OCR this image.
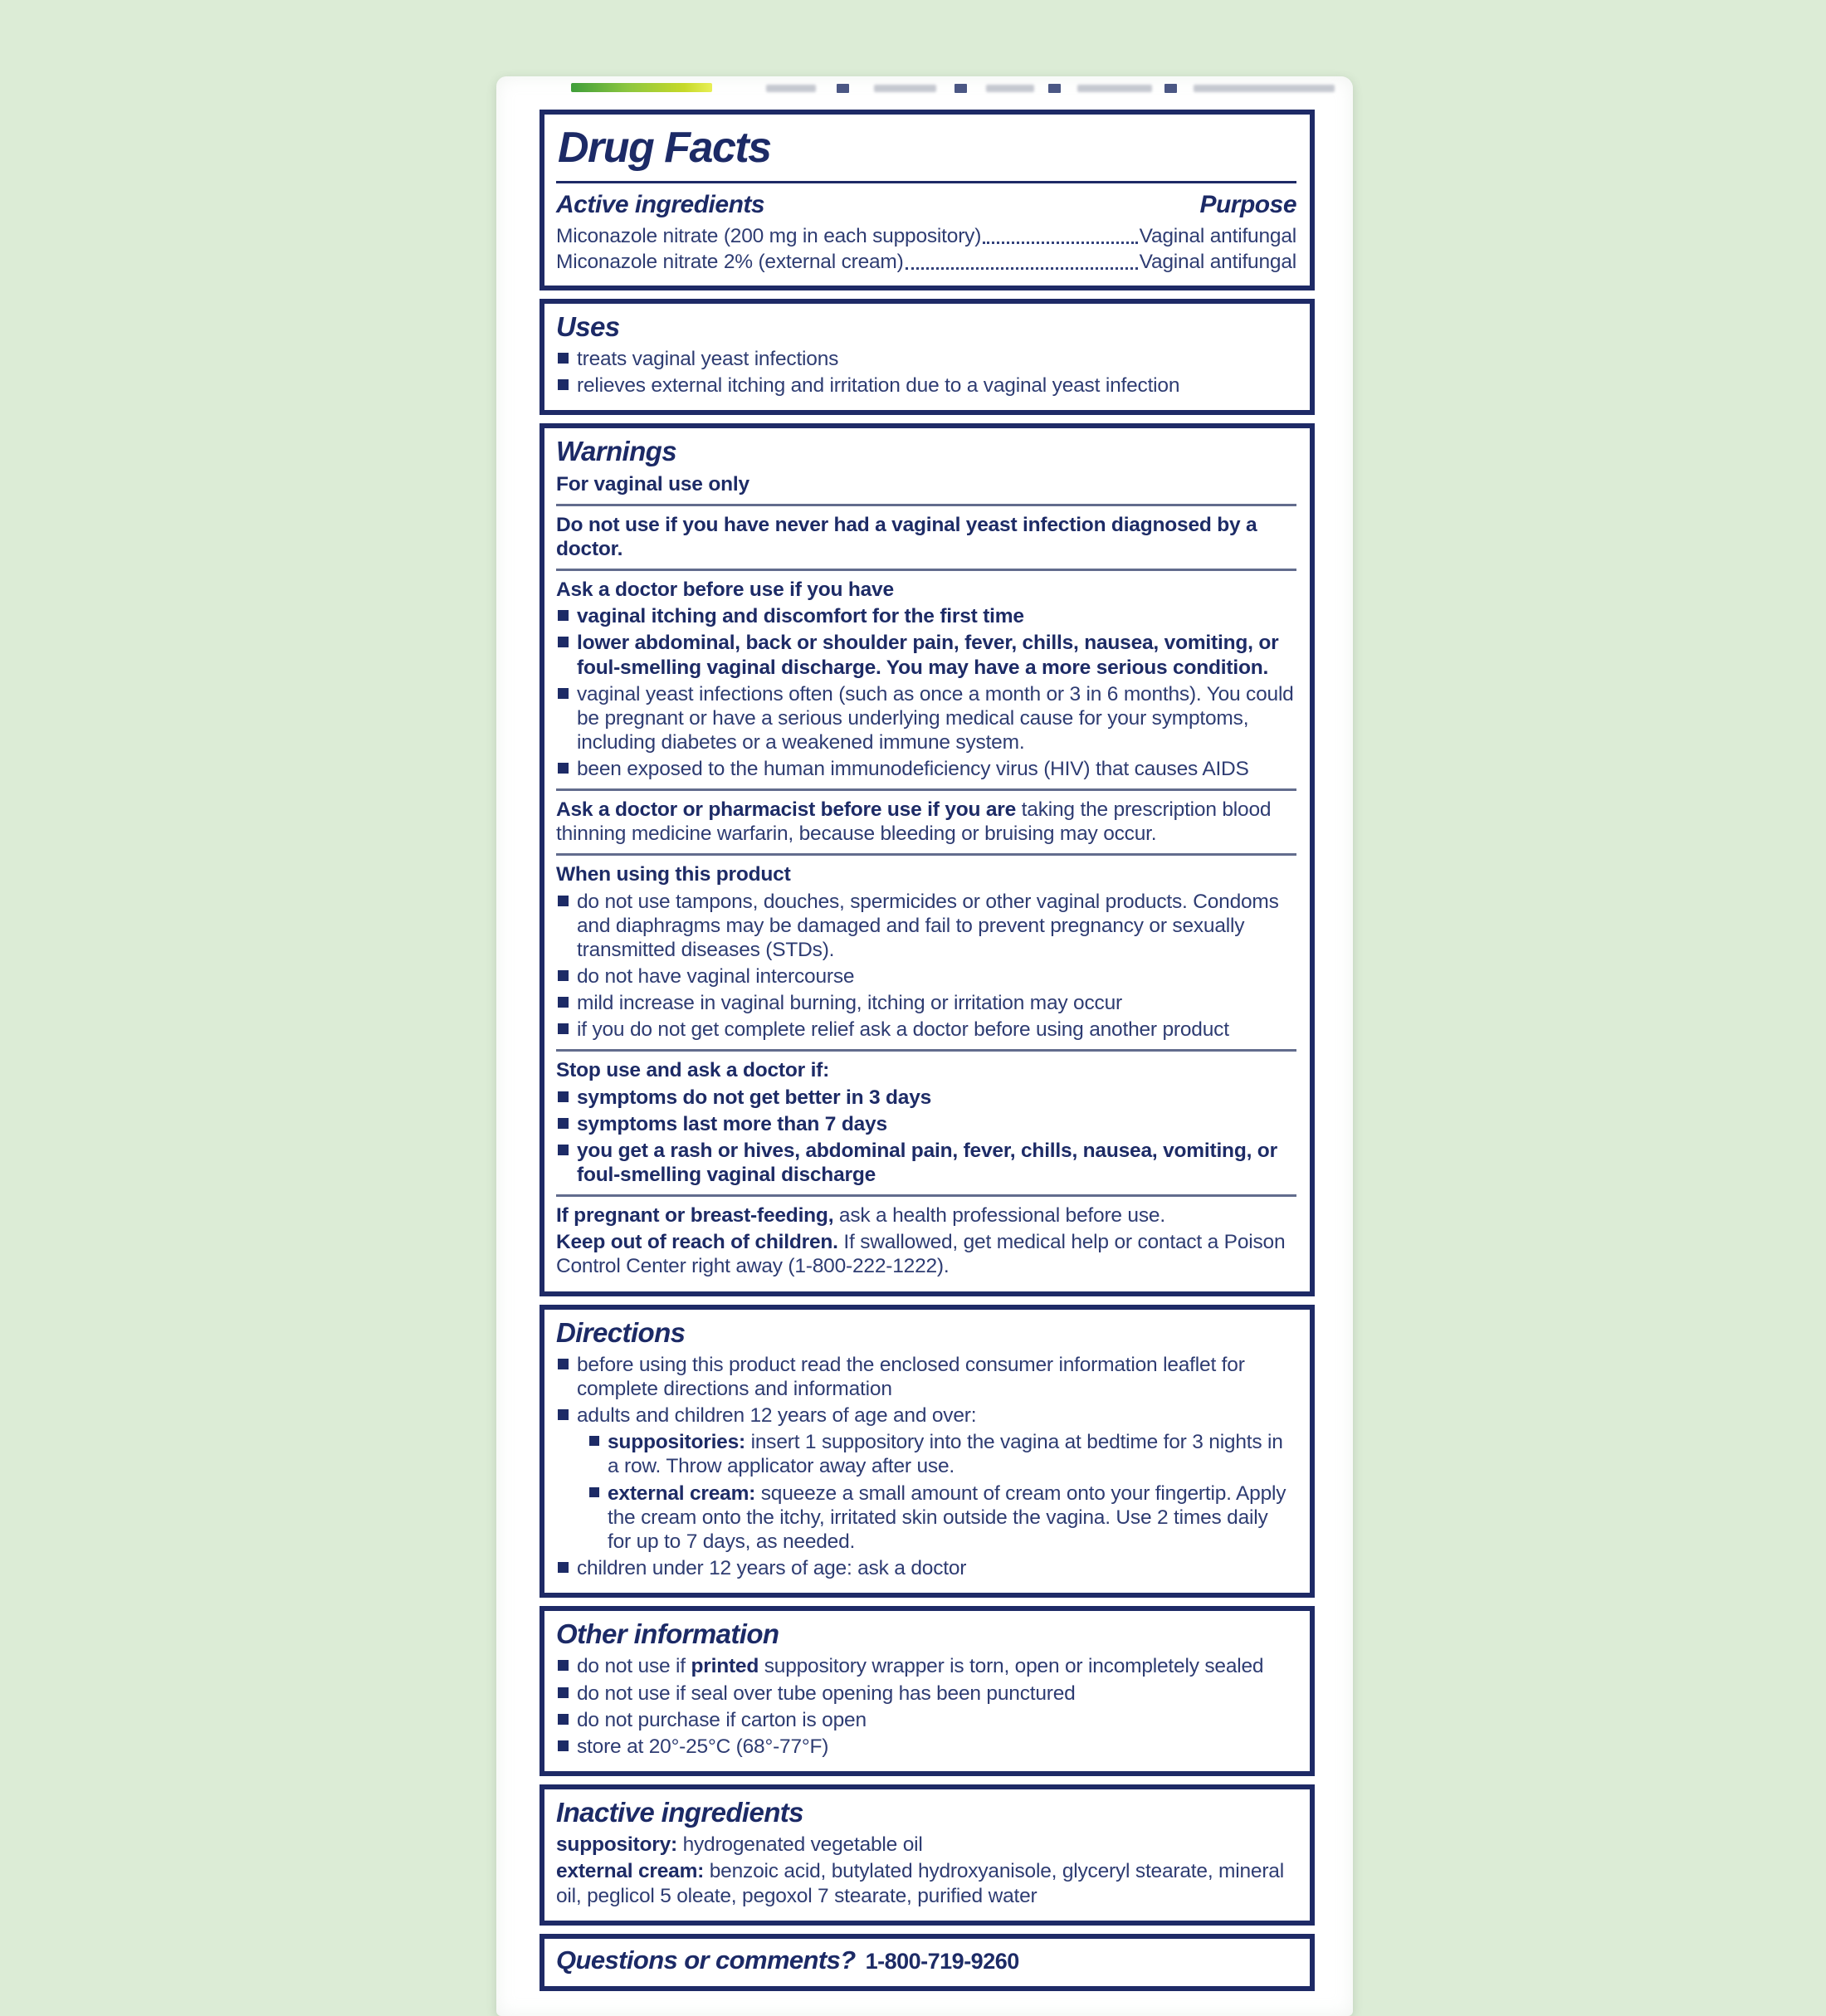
Drug Facts
Active ingredients	Purpose
Miconazole nitrate (200 mg in each suppository)	Vaginal antifungal
Miconazole nitrate 2% (external cream)	Vaginal antifungal
Uses
treats vaginal yeast infections
relieves external itching and irritation due to a vaginal yeast infection
Warnings

For vaginal use only

Do not use if you have never had a vaginal yeast infection diagnosed by a doctor.

Ask a doctor before use if you have

vaginal itching and discomfort for the first time
lower abdominal, back or shoulder pain, fever, chills, nausea, vomiting, or foul-smelling vaginal discharge. You may have a more serious condition.
vaginal yeast infections often (such as once a month or 3 in 6 months). You could be pregnant or have a serious underlying medical cause for your symptoms, including diabetes or a weakened immune system.
been exposed to the human immunodeficiency virus (HIV) that causes AIDS

Ask a doctor or pharmacist before use if you are taking the prescription blood thinning medicine warfarin, because bleeding or bruising may occur.

When using this product

do not use tampons, douches, spermicides or other vaginal products. Condoms and diaphragms may be damaged and fail to prevent pregnancy or sexually transmitted diseases (STDs).
do not have vaginal intercourse
mild increase in vaginal burning, itching or irritation may occur
if you do not get complete relief ask a doctor before using another product

Stop use and ask a doctor if:

symptoms do not get better in 3 days
symptoms last more than 7 days
you get a rash or hives, abdominal pain, fever, chills, nausea, vomiting, or foul-smelling vaginal discharge

If pregnant or breast-feeding, ask a health professional before use.

Keep out of reach of children. If swallowed, get medical help or contact a Poison Control Center right away (1-800-222-1222).

Directions
before using this product read the enclosed consumer information leaflet for complete directions and information
adults and children 12 years of age and over:
suppositories: insert 1 suppository into the vagina at bedtime for 3 nights in a row. Throw applicator away after use.
external cream: squeeze a small amount of cream onto your fingertip. Apply the cream onto the itchy, irritated skin outside the vagina. Use 2 times daily for up to 7 days, as needed.
children under 12 years of age: ask a doctor
Other information
do not use if printed suppository wrapper is torn, open or incompletely sealed
do not use if seal over tube opening has been punctured
do not purchase if carton is open
store at 20°-25°C (68°-77°F)
Inactive ingredients

suppository: hydrogenated vegetable oil

external cream: benzoic acid, butylated hydroxyanisole, glyceryl stearate, mineral oil, peglicol 5 oleate, pegoxol 7 stearate, purified water

Questions or comments? 1-800-719-9260
